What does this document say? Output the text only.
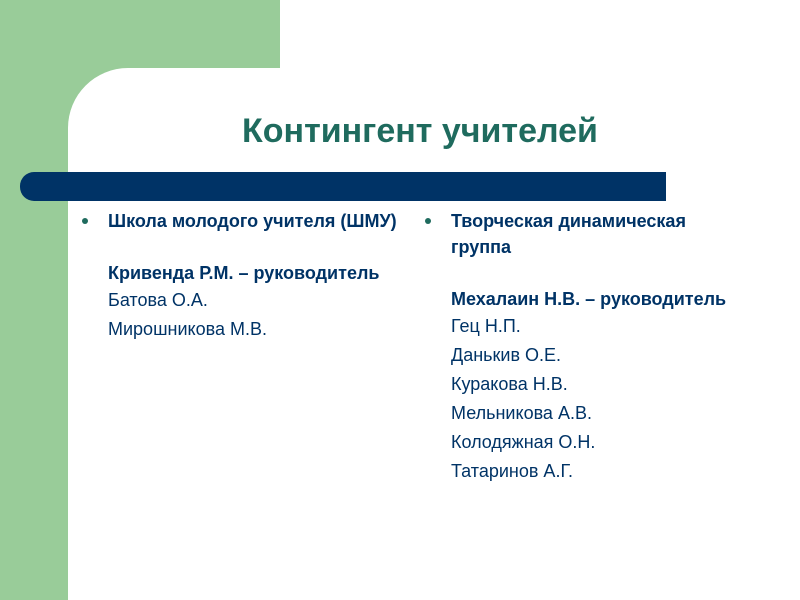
Контингент учителей
Школа молодого учителя (ШМУ)
Кривенда Р.М. – руководитель
Батова О.А.
Мирошникова М.В.
Творческая динамическая группа
Мехалаин Н.В. – руководитель
Гец Н.П.
Данькив О.Е.
Куракова Н.В.
Мельникова А.В.
Колодяжная О.Н.
Татаринов А.Г.
